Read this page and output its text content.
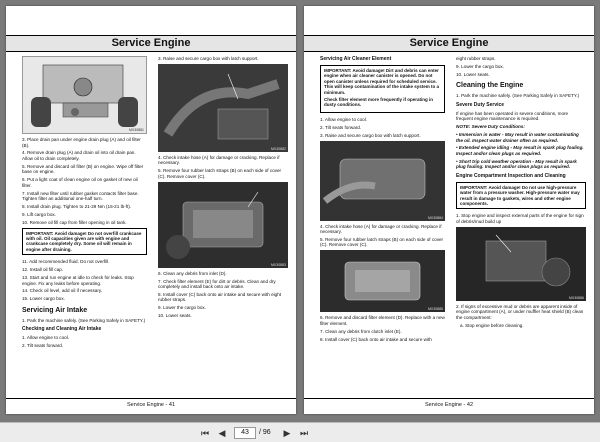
Service Engine
MX30881

3. Place drain pan under engine drain plug (A) and oil filter (B).

4. Remove drain plug (A) and drain oil into oil drain pan. Allow oil to drain completely.

5. Remove and discard oil filter (B) on engine. Wipe off filter base on engine.

6. Put a light coat of clean engine oil on gasket of new oil filter.

7. Install new filter until rubber gasket contacts filter base. Tighten filter an additional one-half turn.

8. Install drain plug. Tighten to 21-29 Nm (15-21 lb-ft).

9. Lift cargo box.

10. Remove oil fill cap from filler opening in oil tank.

IMPORTANT: Avoid damage! Do not overfill crankcase with oil. Oil capacities given are with engine and crankcase completely dry. Some oil will remain in engine after draining.

11. Add recommended fluid. Do not overfill.

12. Install oil fill cap.

13. Start and run engine at idle to check for leaks. Stop engine. Fix any leaks before operating.

14. Check oil level, add oil if necessary.

15. Lower cargo box.

Servicing Air Intake

1. Park the machine safely. (See Parking Safely in SAFETY.)

Checking and Cleaning Air Intake

1. Allow engine to cool.

2. Tilt seats forward.

3. Raise and secure cargo box with latch support.

MX30882

4. Check intake hose (A) for damage or cracking. Replace if necessary.

5. Remove four rubber latch straps (B) on each side of cover (C). Remove cover (C).

MX30883

6. Clean any debris from inlet (D).

7. Check filter element (E) for dirt or debris. Clean and dry completely and install back onto air intake.

8. Install cover (C) back onto air intake and secure with eight rubber straps.

9. Lower the cargo box.

10. Lower seats.

Service Engine - 41
Service Engine
Servicing Air Cleaner Element

IMPORTANT: Avoid damage! Dirt and debris can enter engine when air cleaner canister is opened. Do not open canister unless required for scheduled service. This will keep contamination of the intake system to a minimum.

Check filter element more frequently if operating in dusty conditions.

1. Allow engine to cool.

2. Tilt seats forward.

3. Raise and secure cargo box with latch support.

MX30884

4. Check intake hose (A) for damage or cracking. Replace if necessary.

5. Remove four rubber latch straps (B) on each side of cover (C). Remove cover (C).

MX30885

6. Remove and discard filter element (D). Replace with a new filter element.

7. Clean any debris from clutch inlet (E).

8. Install cover (C) back onto air intake and secure with

eight rubber straps.

9. Lower the cargo box.

10. Lower seats.

Cleaning the Engine

1. Park the machine safely. (See Parking Safely in SAFETY.)

Severe Duty Service

If engine has been operated in severe conditions, more frequent engine maintenance is required.

NOTE: Severe Duty Conditions:

• Immersion in water - May result in water contaminating the oil. Inspect water drainer often as required.

• Extended engine idling - May result in spark plug fouling. Inspect and/or clean plugs as required.

• Short trip cold weather operation - May result in spark plug fouling. Inspect and/or clean plugs as required.

Engine Compartment Inspection and Cleaning
IMPORTANT: Avoid damage! Do not use high-pressure water from a pressure washer. High-pressure water may result in damage to gaskets, wires and other engine components.

1. Stop engine and inspect external parts of the engine for sign of debris/mud build up

MX30886

2. If signs of excessive mud or debris are apparent inside of engine compartment (A), or under muffler heat shield (B) clean the compartment:

a. Stop engine before cleaning.

Service Engine - 42
⏮	◀	43	/ 96	▶	⏭
